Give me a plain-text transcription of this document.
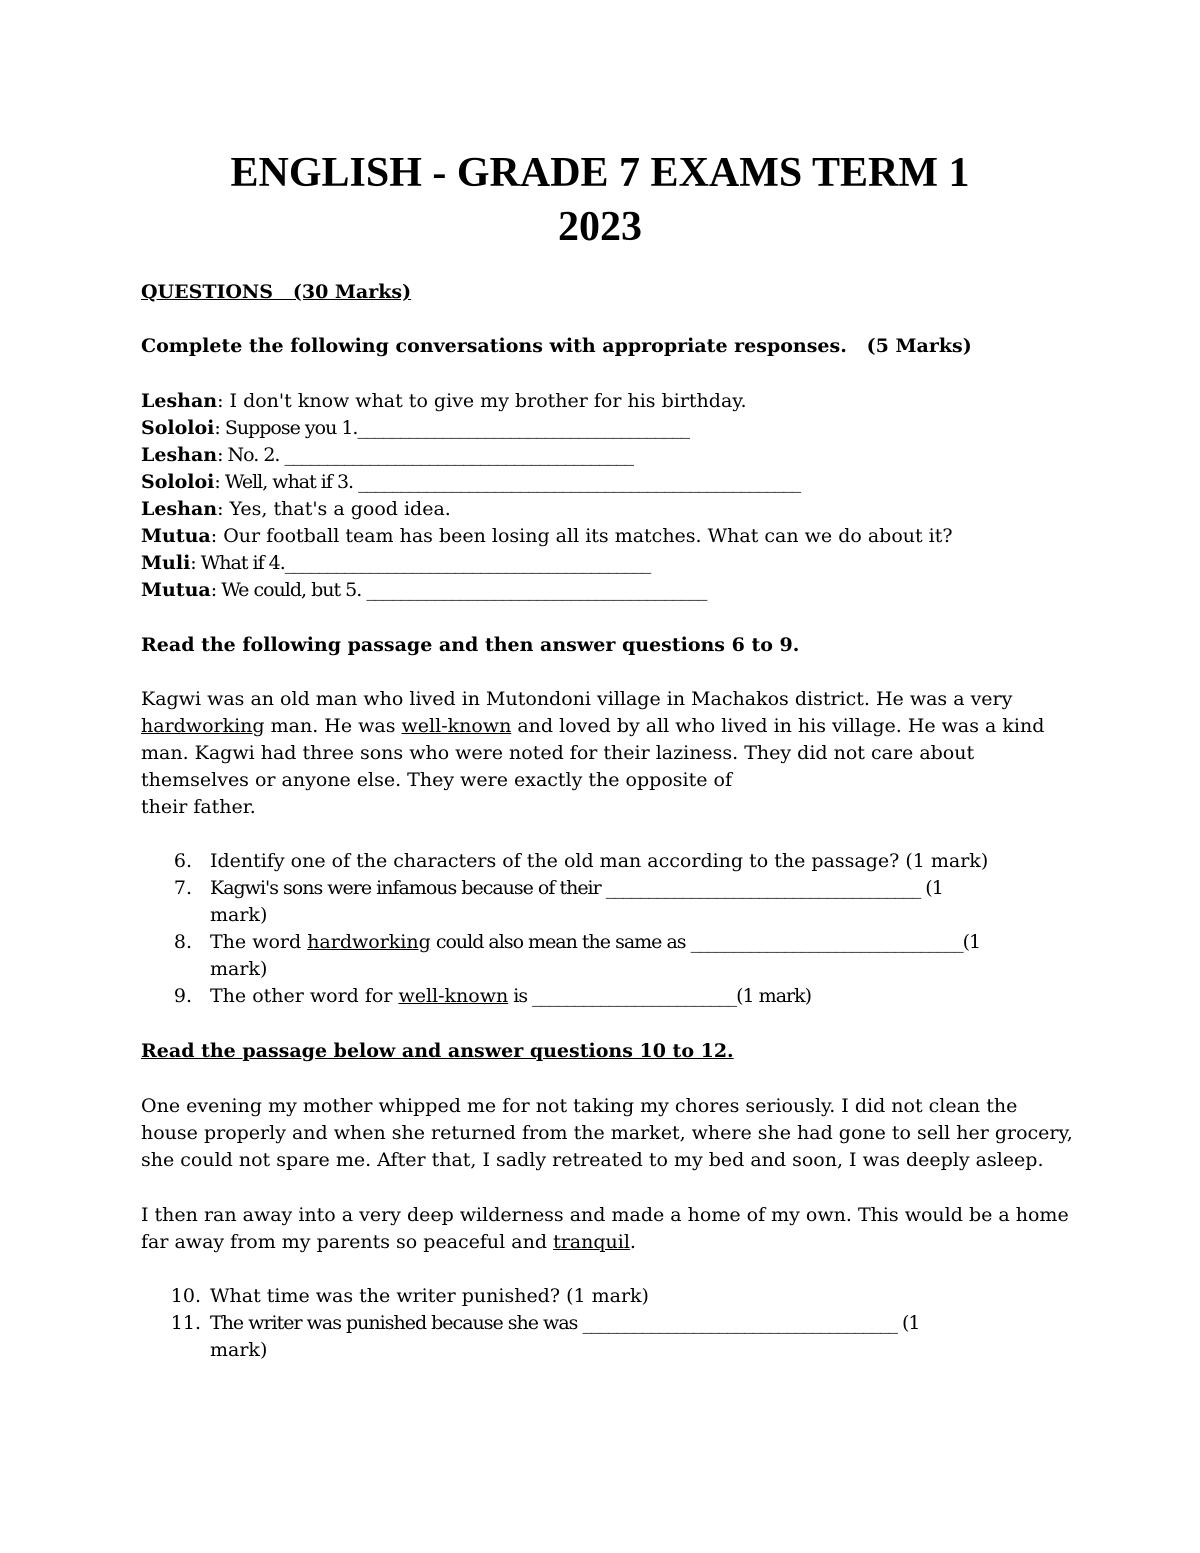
ENGLISH - GRADE 7 EXAMS TERM 1
2023
QUESTIONS (30 Marks)
Complete the following conversations with appropriate responses. (5 Marks)
Leshan: I don't know what to give my brother for his birthday.
Sololoi: Suppose you 1._______________________________________
Leshan: No. 2. _________________________________________
Sololoi: Well, what if 3. ____________________________________________________
Leshan: Yes, that's a good idea.
Mutua: Our football team has been losing all its matches. What can we do about it?
Muli: What if 4.___________________________________________
Mutua: We could, but 5. ________________________________________
Read the following passage and then answer questions 6 to 9.
Kagwi was an old man who lived in Mutondoni village in Machakos district. He was a very
hardworking man. He was well-known and loved by all who lived in his village. He was a kind
man. Kagwi had three sons who were noted for their laziness. They did not care about
themselves or anyone else. They were exactly the opposite of
their father.
6. Identify one of the characters of the old man according to the passage? (1 mark)
7. Kagwi's sons were infamous because of their _____________________________________ (1
mark)
8. The word hardworking could also mean the same as ________________________________(1
mark)
9. The other word for well-known is ________________________(1 mark)
Read the passage below and answer questions 10 to 12.
One evening my mother whipped me for not taking my chores seriously. I did not clean the
house properly and when she returned from the market, where she had gone to sell her grocery,
she could not spare me. After that, I sadly retreated to my bed and soon, I was deeply asleep.
I then ran away into a very deep wilderness and made a home of my own. This would be a home
far away from my parents so peaceful and tranquil.
10. What time was the writer punished? (1 mark)
11. The writer was punished because she was _____________________________________ (1
mark)
